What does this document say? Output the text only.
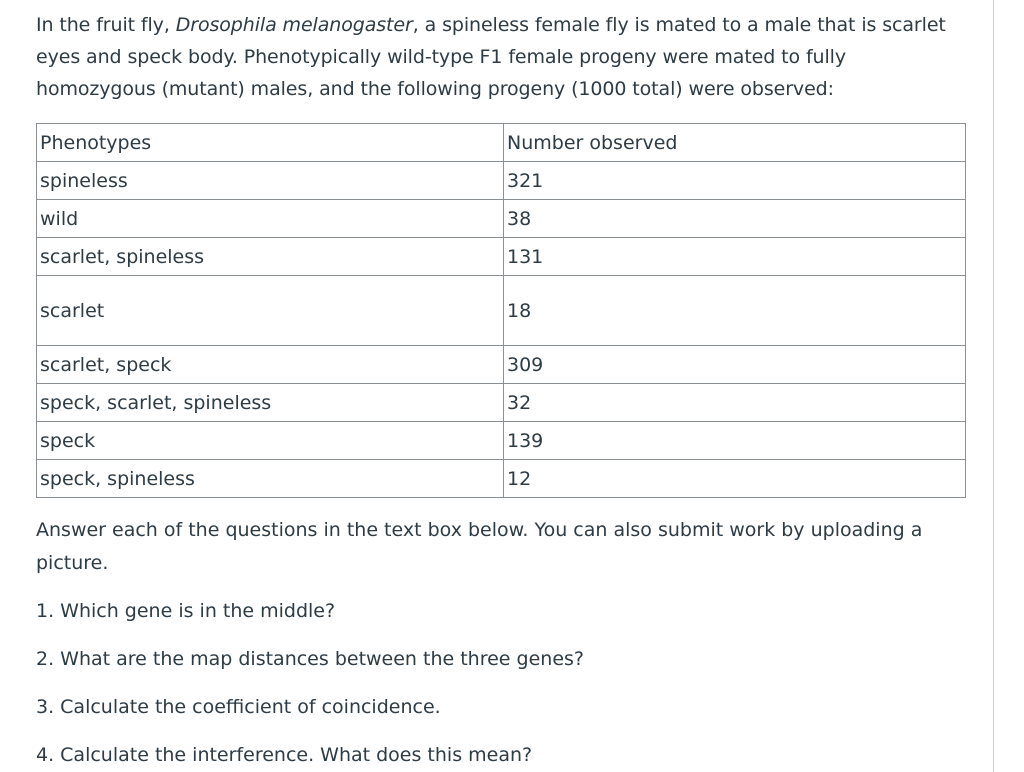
In the fruit fly, Drosophila melanogaster, a spineless female fly is mated to a male that is scarlet eyes and speck body. Phenotypically wild-type F1 female progeny were mated to fully homozygous (mutant) males, and the following progeny (1000 total) were observed:

Phenotypes	Number observed
spineless	321
wild	38
scarlet, spineless	131
scarlet	18
scarlet, speck	309
speck, scarlet, spineless	32
speck	139
speck, spineless	12

Answer each of the questions in the text box below. You can also submit work by uploading a picture.

1. Which gene is in the middle?

2. What are the map distances between the three genes?

3. Calculate the coefficient of coincidence.

4. Calculate the interference. What does this mean?
